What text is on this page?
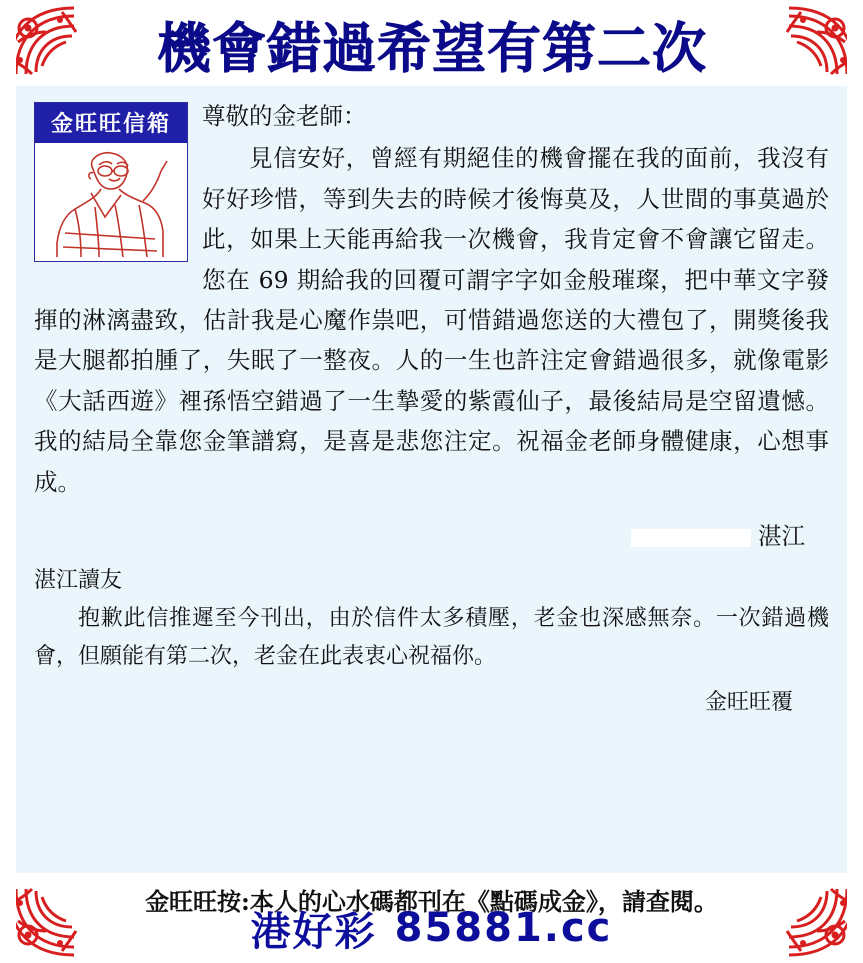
機會錯過希望有第二次
金旺旺信箱	尊敬的金老師：

見信安好，曾經有期絕佳的機會擺在我的面前，我沒有好好珍惜，等到失去的時候才後悔莫及，人世間的事莫過於此，如果上天能再給我一次機會，我肯定會不會讓它留走。您在 69 期給我的回覆可謂字字如金般璀璨，把中華文字發揮的淋漓盡致，估計我是心魔作祟吧，可惜錯過您送的大禮包了，開獎後我是大腿都拍腫了，失眠了一整夜。人的一生也許注定會錯過很多，就像電影《大話西遊》裡孫悟空錯過了一生摯愛的紫霞仙子，最後結局是空留遺憾。我的結局全靠您金筆譜寫，是喜是悲您注定。祝福金老師身體健康，心想事成。

湛江

湛江讀友

抱歉此信推遲至今刊出，由於信件太多積壓，老金也深感無奈。一次錯過機會，但願能有第二次，老金在此表衷心祝福你。

金旺旺覆

金旺旺按:本人的心水碼都刊在《點碼成金》，請查閱。
港好彩 85881.cc
